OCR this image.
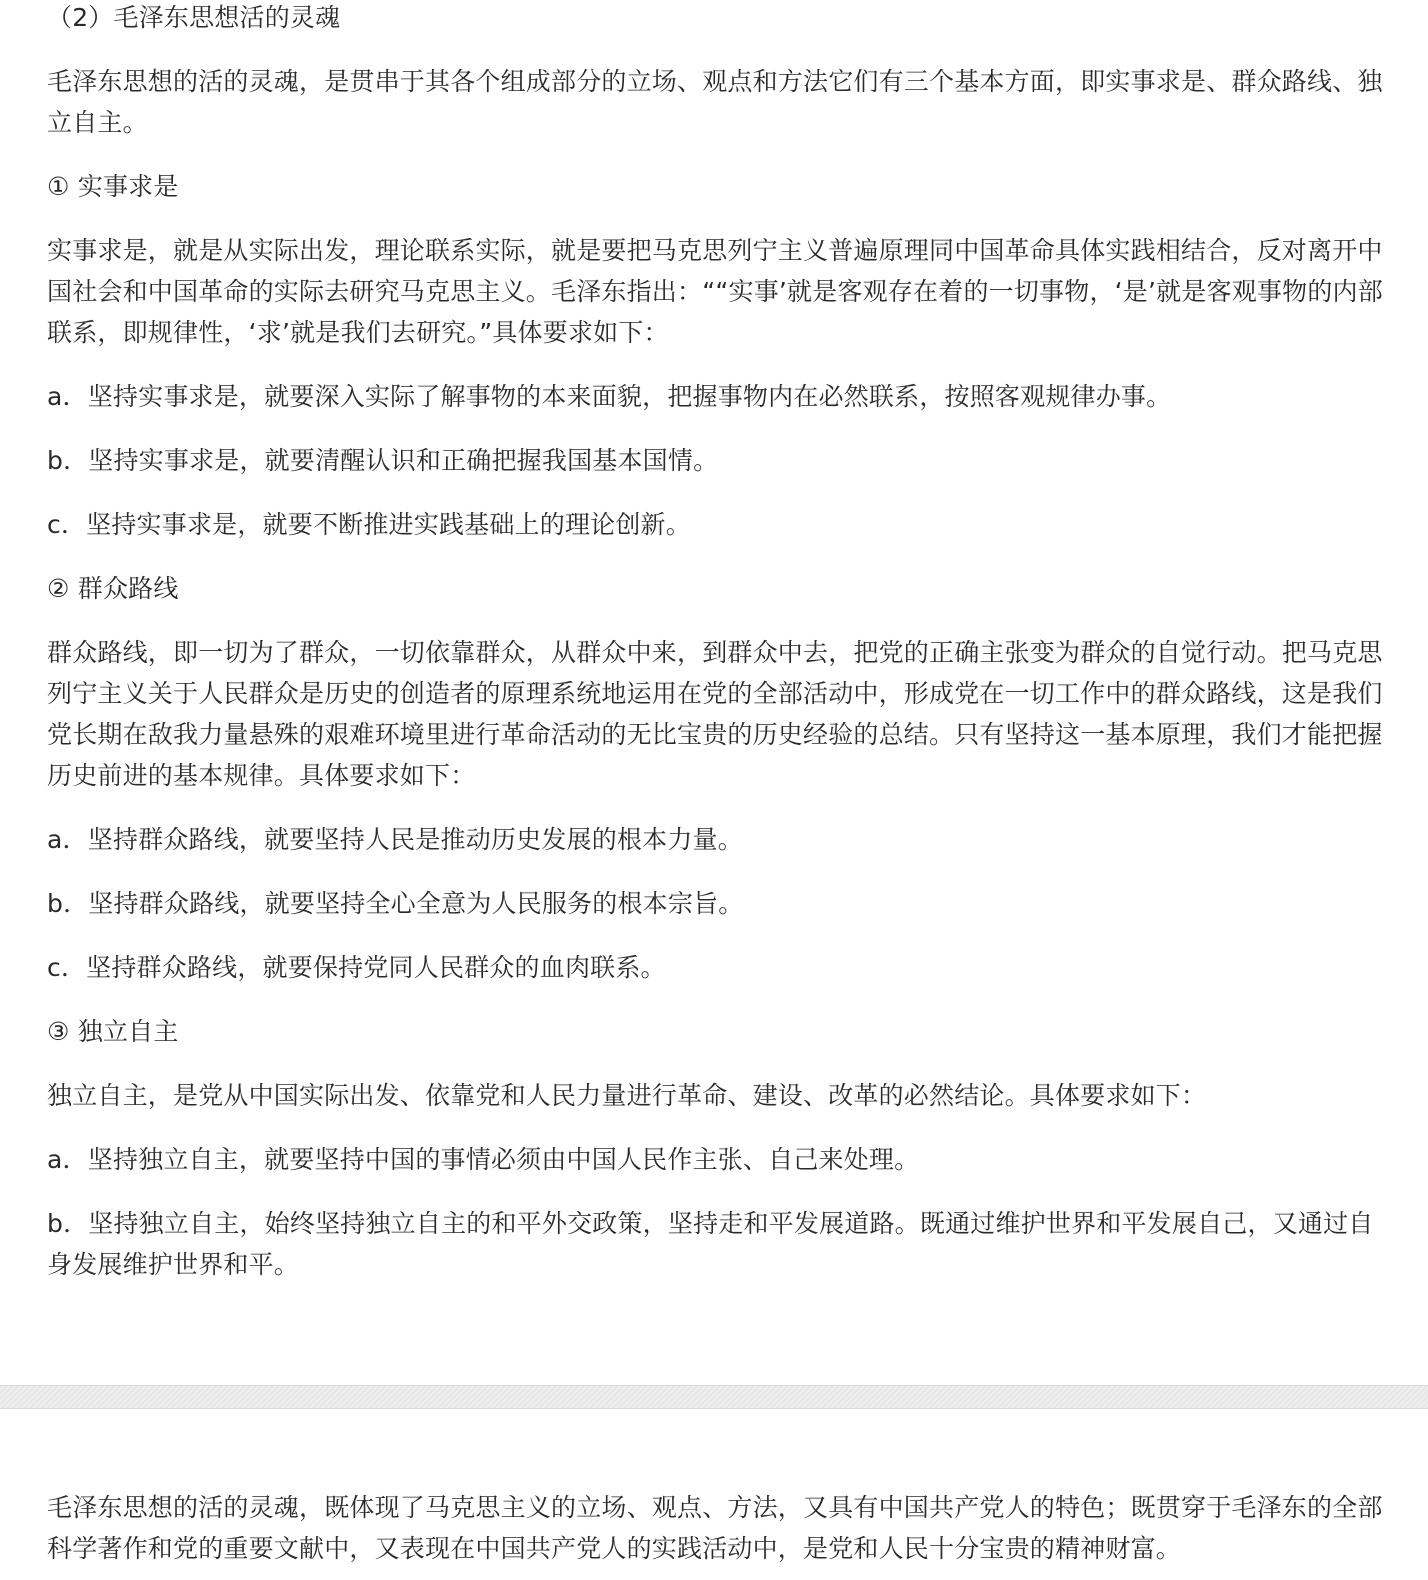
（2）毛泽东思想活的灵魂

毛泽东思想的活的灵魂，是贯串于其各个组成部分的立场、观点和方法它们有三个基本方面，即实事求是、群众路线、独立自主。

① 实事求是

实事求是，就是从实际出发，理论联系实际，就是要把马克思列宁主义普遍原理同中国革命具体实践相结合，反对离开中国社会和中国革命的实际去研究马克思主义。毛泽东指出：““实事’就是客观存在着的一切事物，‘是’就是客观事物的内部联系，即规律性，‘求’就是我们去研究。”具体要求如下：

a．坚持实事求是，就要深入实际了解事物的本来面貌，把握事物内在必然联系，按照客观规律办事。

b．坚持实事求是，就要清醒认识和正确把握我国基本国情。

c．坚持实事求是，就要不断推进实践基础上的理论创新。

② 群众路线

群众路线，即一切为了群众，一切依靠群众，从群众中来，到群众中去，把党的正确主张变为群众的自觉行动。把马克思列宁主义关于人民群众是历史的创造者的原理系统地运用在党的全部活动中，形成党在一切工作中的群众路线，这是我们党长期在敌我力量悬殊的艰难环境里进行革命活动的无比宝贵的历史经验的总结。只有坚持这一基本原理，我们才能把握历史前进的基本规律。具体要求如下：

a．坚持群众路线，就要坚持人民是推动历史发展的根本力量。

b．坚持群众路线，就要坚持全心全意为人民服务的根本宗旨。

c．坚持群众路线，就要保持党同人民群众的血肉联系。

③ 独立自主

独立自主，是党从中国实际出发、依靠党和人民力量进行革命、建设、改革的必然结论。具体要求如下：

a．坚持独立自主，就要坚持中国的事情必须由中国人民作主张、自己来处理。

b．坚持独立自主，始终坚持独立自主的和平外交政策，坚持走和平发展道路。既通过维护世界和平发展自己，又通过自身发展维护世界和平。

毛泽东思想的活的灵魂，既体现了马克思主义的立场、观点、方法，又具有中国共产党人的特色；既贯穿于毛泽东的全部科学著作和党的重要文献中，又表现在中国共产党人的实践活动中，是党和人民十分宝贵的精神财富。
